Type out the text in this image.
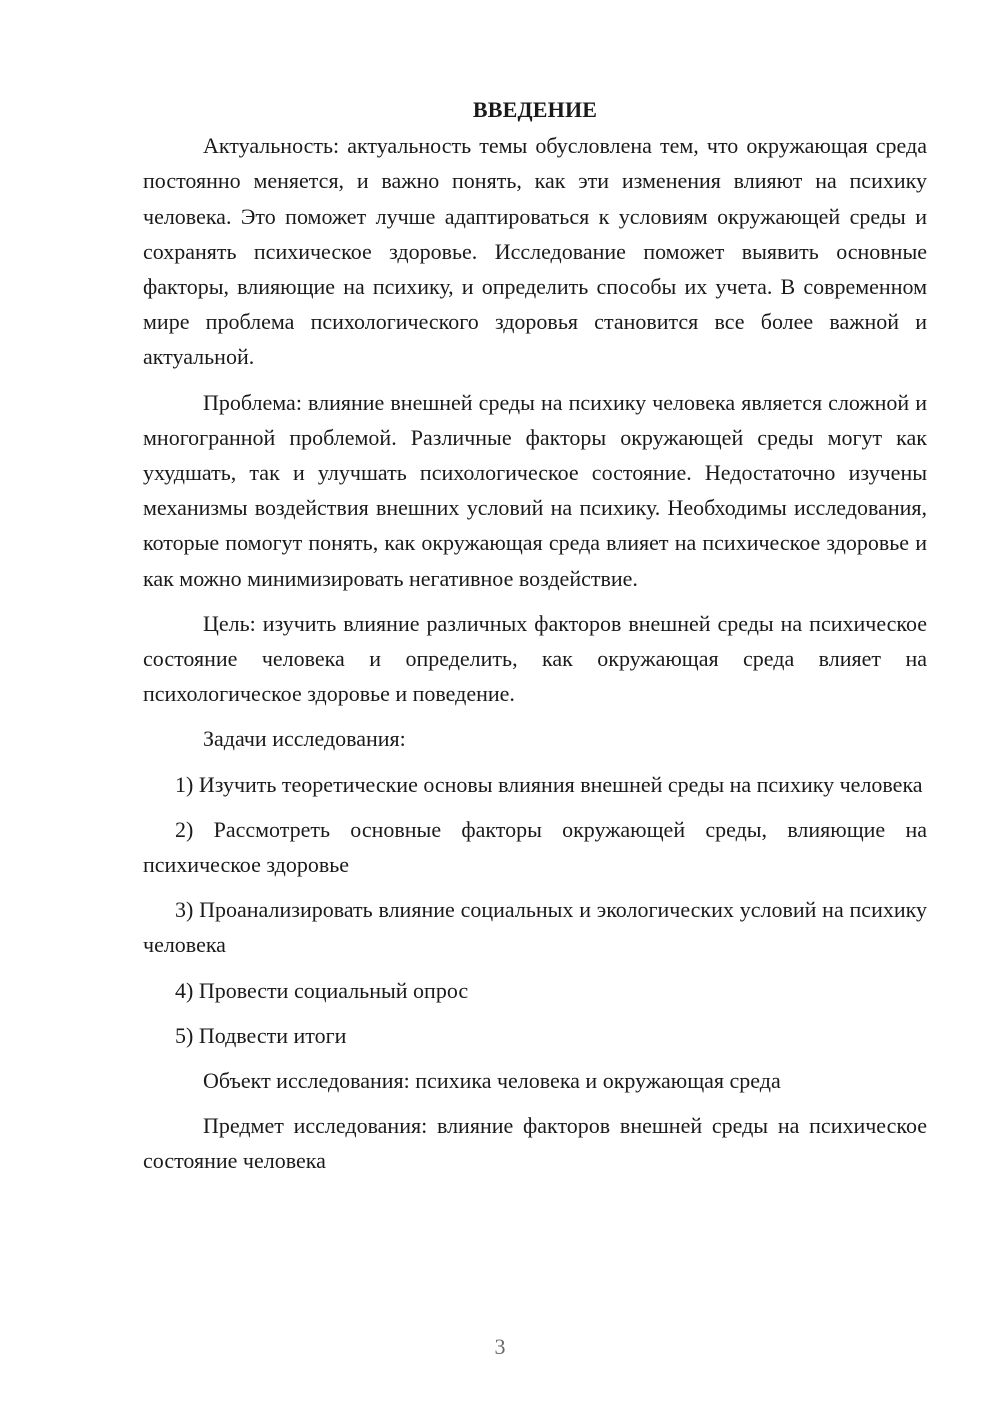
ВВЕДЕНИЕ

Актуальность: актуальность темы обусловлена тем, что окружающая среда постоянно меняется, и важно понять, как эти изменения влияют на психику человека. Это поможет лучше адаптироваться к условиям окружающей среды и сохранять психическое здоровье. Исследование поможет выявить основные факторы, влияющие на психику, и определить способы их учета. В современном мире проблема психологического здоровья становится все более важной и актуальной.

Проблема: влияние внешней среды на психику человека является сложной и многогранной проблемой. Различные факторы окружающей среды могут как ухудшать, так и улучшать психологическое состояние. Недостаточно изучены механизмы воздействия внешних условий на психику. Необходимы исследования, которые помогут понять, как окружающая среда влияет на психическое здоровье и как можно минимизировать негативное воздействие.

Цель: изучить влияние различных факторов внешней среды на психическое состояние человека и определить, как окружающая среда влияет на психологическое здоровье и поведение.

Задачи исследования:

1) Изучить теоретические основы влияния внешней среды на психику человека

2) Рассмотреть основные факторы окружающей среды, влияющие на психическое здоровье

3) Проанализировать влияние социальных и экологических условий на психику человека

4) Провести социальный опрос

5) Подвести итоги

Объект исследования: психика человека и окружающая среда

Предмет исследования: влияние факторов внешней среды на психическое состояние человека

3
